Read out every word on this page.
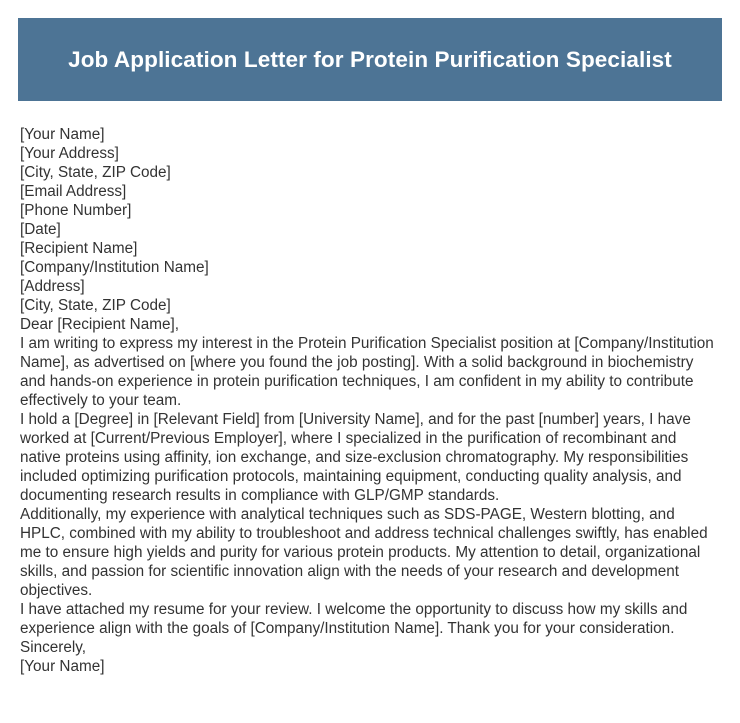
Job Application Letter for Protein Purification Specialist
[Your Name]
[Your Address]
[City, State, ZIP Code]
[Email Address]
[Phone Number]
[Date]
[Recipient Name]
[Company/Institution Name]
[Address]
[City, State, ZIP Code]
Dear [Recipient Name],

I am writing to express my interest in the Protein Purification Specialist position at [Company/Institution Name], as advertised on [where you found the job posting]. With a solid background in biochemistry and hands-on experience in protein purification techniques, I am confident in my ability to contribute effectively to your team.

I hold a [Degree] in [Relevant Field] from [University Name], and for the past [number] years, I have worked at [Current/Previous Employer], where I specialized in the purification of recombinant and native proteins using affinity, ion exchange, and size-exclusion chromatography. My responsibilities included optimizing purification protocols, maintaining equipment, conducting quality analysis, and documenting research results in compliance with GLP/GMP standards.

Additionally, my experience with analytical techniques such as SDS-PAGE, Western blotting, and HPLC, combined with my ability to troubleshoot and address technical challenges swiftly, has enabled me to ensure high yields and purity for various protein products. My attention to detail, organizational skills, and passion for scientific innovation align with the needs of your research and development objectives.

I have attached my resume for your review. I welcome the opportunity to discuss how my skills and experience align with the goals of [Company/Institution Name]. Thank you for your consideration.

Sincerely,
[Your Name]
